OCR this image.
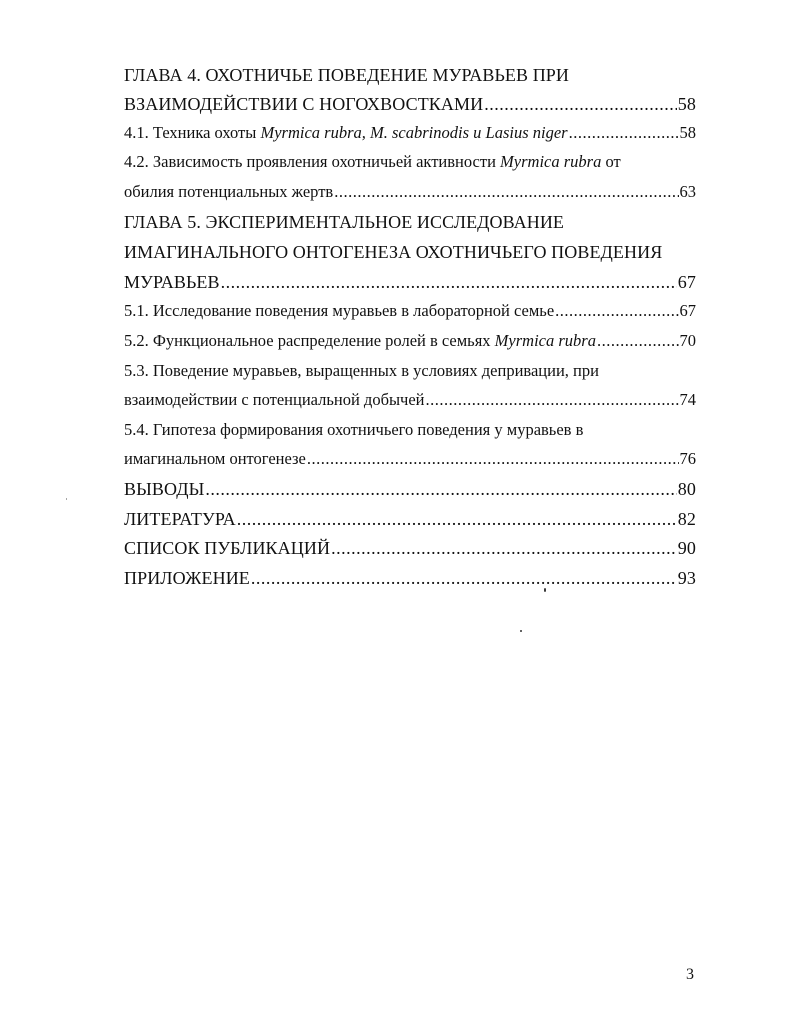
ГЛАВА 4. ОХОТНИЧЬЕ ПОВЕДЕНИЕ МУРАВЬЕВ ПРИ
ВЗАИМОДЕЙСТВИИ С НОГОХВОСТКАМИ .....	58
4.1. Техника охоты Myrmica rubra, M. scabrinodis и Lasius niger .....	58
4.2. Зависимость проявления охотничьей активности Myrmica rubra от
обилия потенциальных жертв .....	63
ГЛАВА 5. ЭКСПЕРИМЕНТАЛЬНОЕ ИССЛЕДОВАНИЕ
ИМАГИНАЛЬНОГО ОНТОГЕНЕЗА ОХОТНИЧЬЕГО ПОВЕДЕНИЯ
МУРАВЬЕВ .....	67
5.1. Исследование поведения муравьев в лабораторной семье .....	67
5.2. Функциональное распределение ролей в семьях Myrmica rubra .....	70
5.3. Поведение муравьев, выращенных в условиях депривации, при
взаимодействии с потенциальной добычей .....	74
5.4. Гипотеза формирования охотничьего поведения у муравьев в
имагинальном онтогенезе .....	76
ВЫВОДЫ .....	80
ЛИТЕРАТУРА .....	82
СПИСОК ПУБЛИКАЦИЙ .....	90
ПРИЛОЖЕНИЕ .....	93
3
